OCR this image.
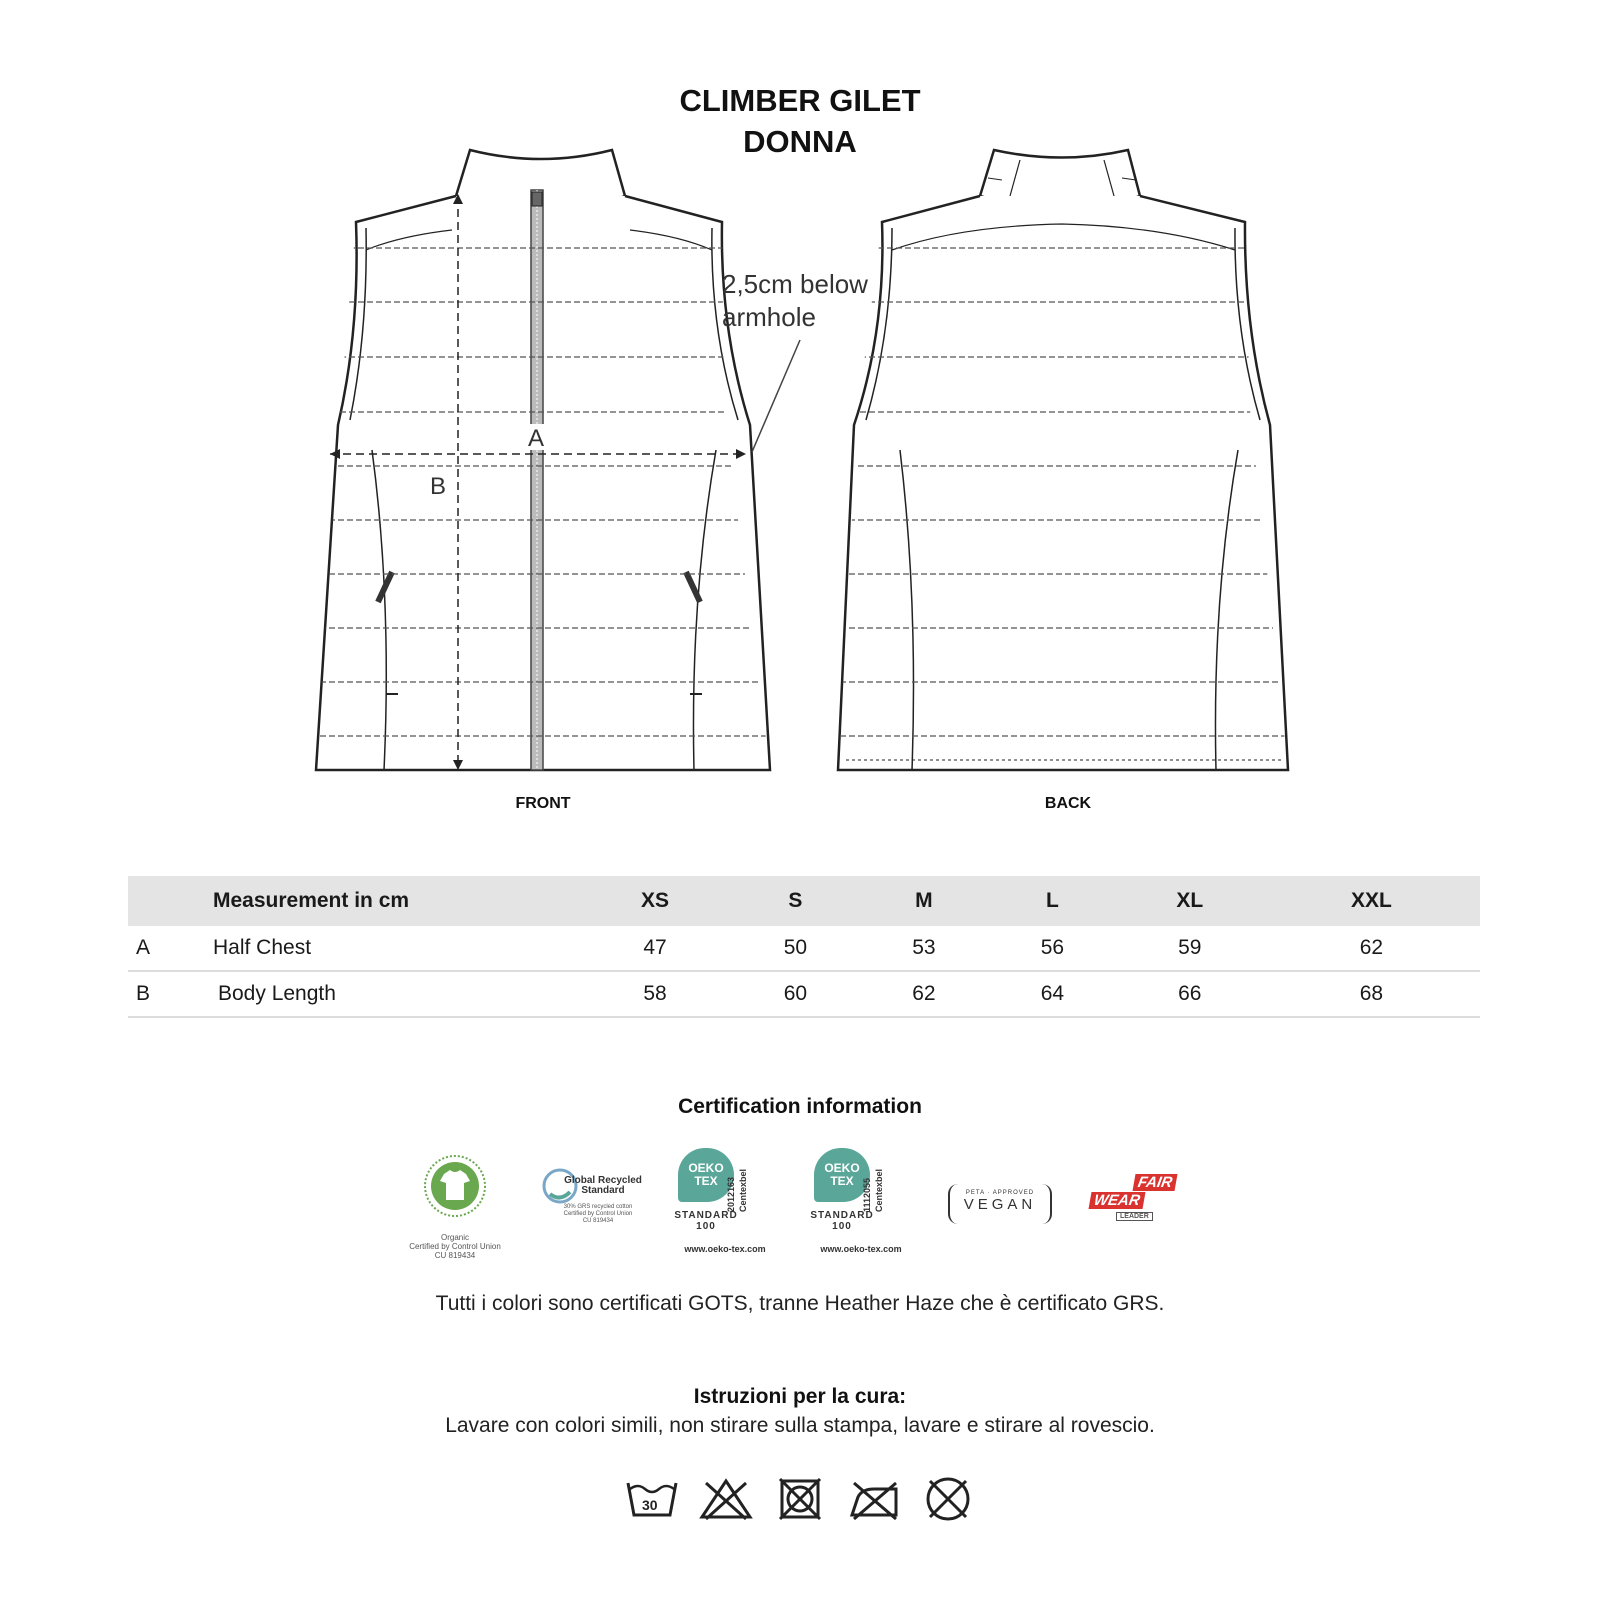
CLIMBER GILET
DONNA
A
B
2,5cm below
armhole
FRONT	BACK
	Measurement in cm	XS	S	M	L	XL	XXL
A	Half Chest	47	50	53	56	59	62
B	Body Length	58	60	62	64	66	68
Certification information
Organic
Certified by Control Union
CU 819434
Global Recycled Standard
30% GRS recycled cotton
Certified by Control Union
CU 819434
OEKO TEX
STANDARD 100
2012163 Centexbel
www.oeko-tex.com
OEKO TEX
STANDARD 100
1112055 Centexbel
www.oeko-tex.com
PETA · APPROVED
VEGAN
FAIR
WEAR
LEADER
Tutti i colori sono certificati GOTS, tranne Heather Haze che è certificato GRS.
Istruzioni per la cura:
Lavare con colori simili, non stirare sulla stampa, lavare e stirare al rovescio.
30
